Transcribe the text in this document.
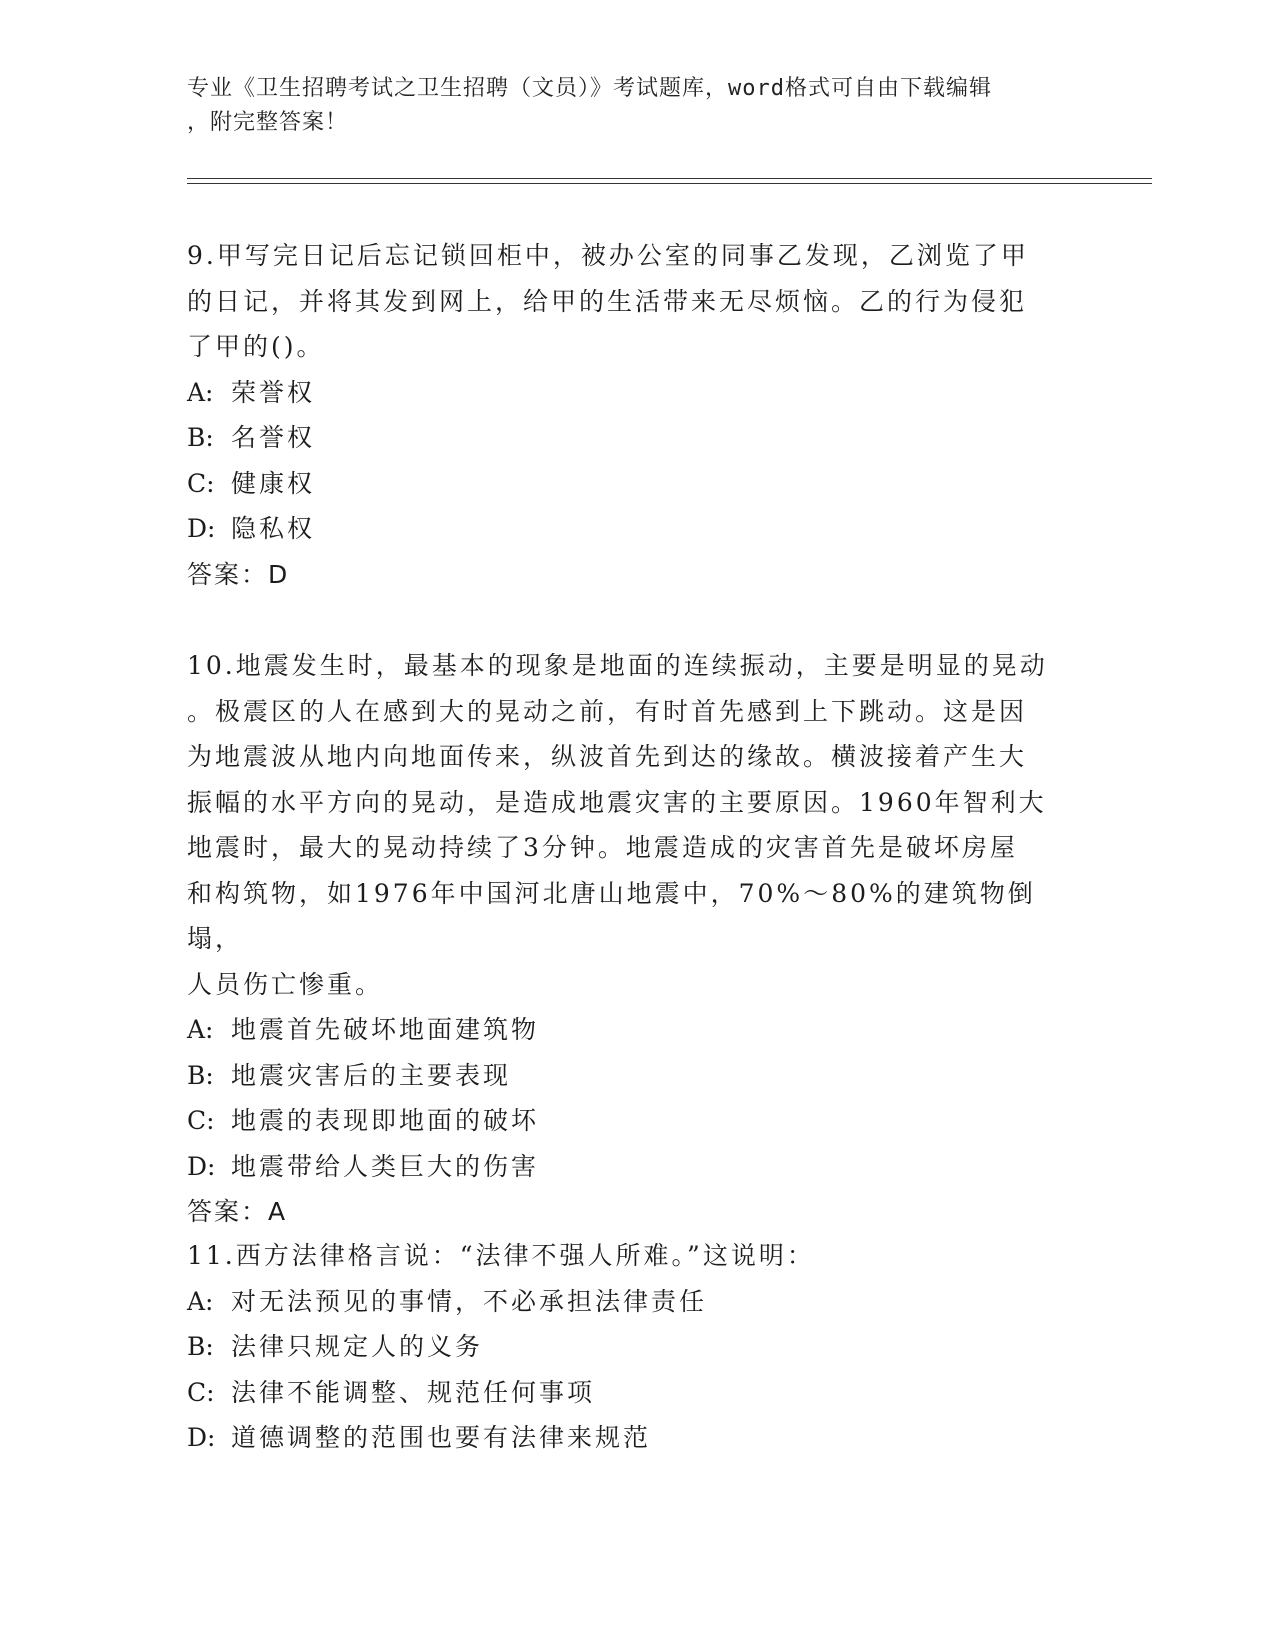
专业《卫生招聘考试之卫生招聘（文员）》考试题库，word格式可自由下载编辑
，附完整答案！
9.甲写完日记后忘记锁回柜中，被办公室的同事乙发现，乙浏览了甲
的日记，并将其发到网上，给甲的生活带来无尽烦恼。乙的行为侵犯
了甲的()。
A: 荣誉权
B: 名誉权
C: 健康权
D: 隐私权
答案：D
10.地震发生时，最基本的现象是地面的连续振动，主要是明显的晃动
。极震区的人在感到大的晃动之前，有时首先感到上下跳动。这是因
为地震波从地内向地面传来，纵波首先到达的缘故。横波接着产生大
振幅的水平方向的晃动，是造成地震灾害的主要原因。1960年智利大
地震时，最大的晃动持续了3分钟。地震造成的灾害首先是破坏房屋
和构筑物，如1976年中国河北唐山地震中，70%～80%的建筑物倒塌，
人员伤亡惨重。
A: 地震首先破坏地面建筑物
B: 地震灾害后的主要表现
C: 地震的表现即地面的破坏
D: 地震带给人类巨大的伤害
答案：A
11.西方法律格言说：“法律不强人所难。”这说明：
A: 对无法预见的事情，不必承担法律责任
B: 法律只规定人的义务
C: 法律不能调整、规范任何事项
D: 道德调整的范围也要有法律来规范
